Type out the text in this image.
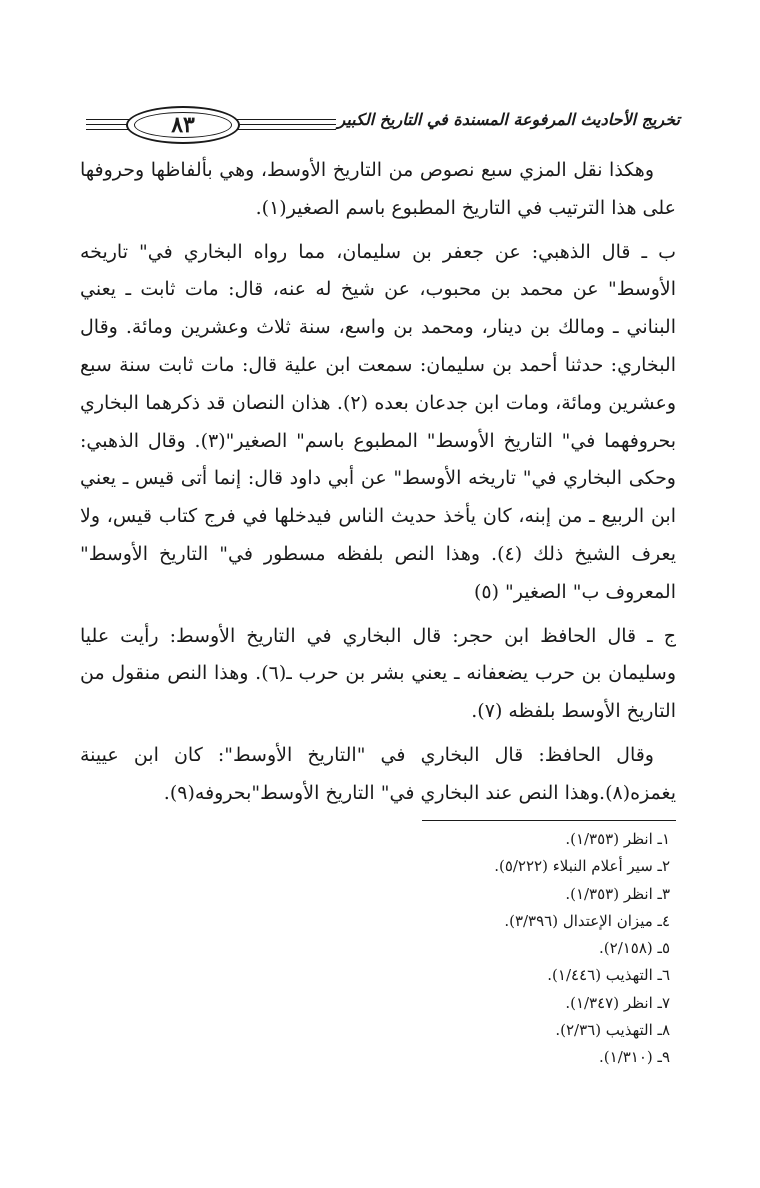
تخريج الأحاديث المرفوعة المسندة في التاريخ الكبير
٨٣

وهكذا نقل المزي سبع نصوص من التاريخ الأوسط، وهي بألفاظها وحروفها على هذا الترتيب في التاريخ المطبوع باسم الصغير(١).

ب ـ قال الذهبي: عن جعفر بن سليمان، مما رواه البخاري في" تاريخه الأوسط" عن محمد بن محبوب، عن شيخ له عنه، قال: مات ثابت ـ يعني البناني ـ ومالك بن دينار، ومحمد بن واسع، سنة ثلاث وعشرين ومائة. وقال البخاري: حدثنا أحمد بن سليمان: سمعت ابن علية قال: مات ثابت سنة سبع وعشرين ومائة، ومات ابن جدعان بعده (٢). هذان النصان قد ذكرهما البخاري بحروفهما في" التاريخ الأوسط" المطبوع باسم" الصغير"(٣). وقال الذهبي: وحكى البخاري في" تاريخه الأوسط" عن أبي داود قال: إنما أتى قيس ـ يعني ابن الربيع ـ من إبنه، كان يأخذ حديث الناس فيدخلها في فرج كتاب قيس، ولا يعرف الشيخ ذلك (٤). وهذا النص بلفظه مسطور في" التاريخ الأوسط" المعروف ب" الصغير" (٥)

ج ـ قال الحافظ ابن حجر: قال البخاري في التاريخ الأوسط: رأيت عليا وسليمان بن حرب يضعفانه ـ يعني بشر بن حرب ـ(٦). وهذا النص منقول من التاريخ الأوسط بلفظه (٧).

وقال الحافظ: قال البخاري في "التاريخ الأوسط": كان ابن عيينة يغمزه(٨).وهذا النص عند البخاري في" التاريخ الأوسط"بحروفه(٩).

١ـ انظر (١/٣٥٣).
٢ـ سير أعلام النبلاء (٥/٢٢٢).
٣ـ انظر (١/٣٥٣).
٤ـ ميزان الإعتدال (٣/٣٩٦).
٥ـ (٢/١٥٨).
٦ـ التهذيب (١/٤٤٦).
٧ـ انظر (١/٣٤٧).
٨ـ التهذيب (٢/٣٦).
٩ـ (١/٣١٠).
